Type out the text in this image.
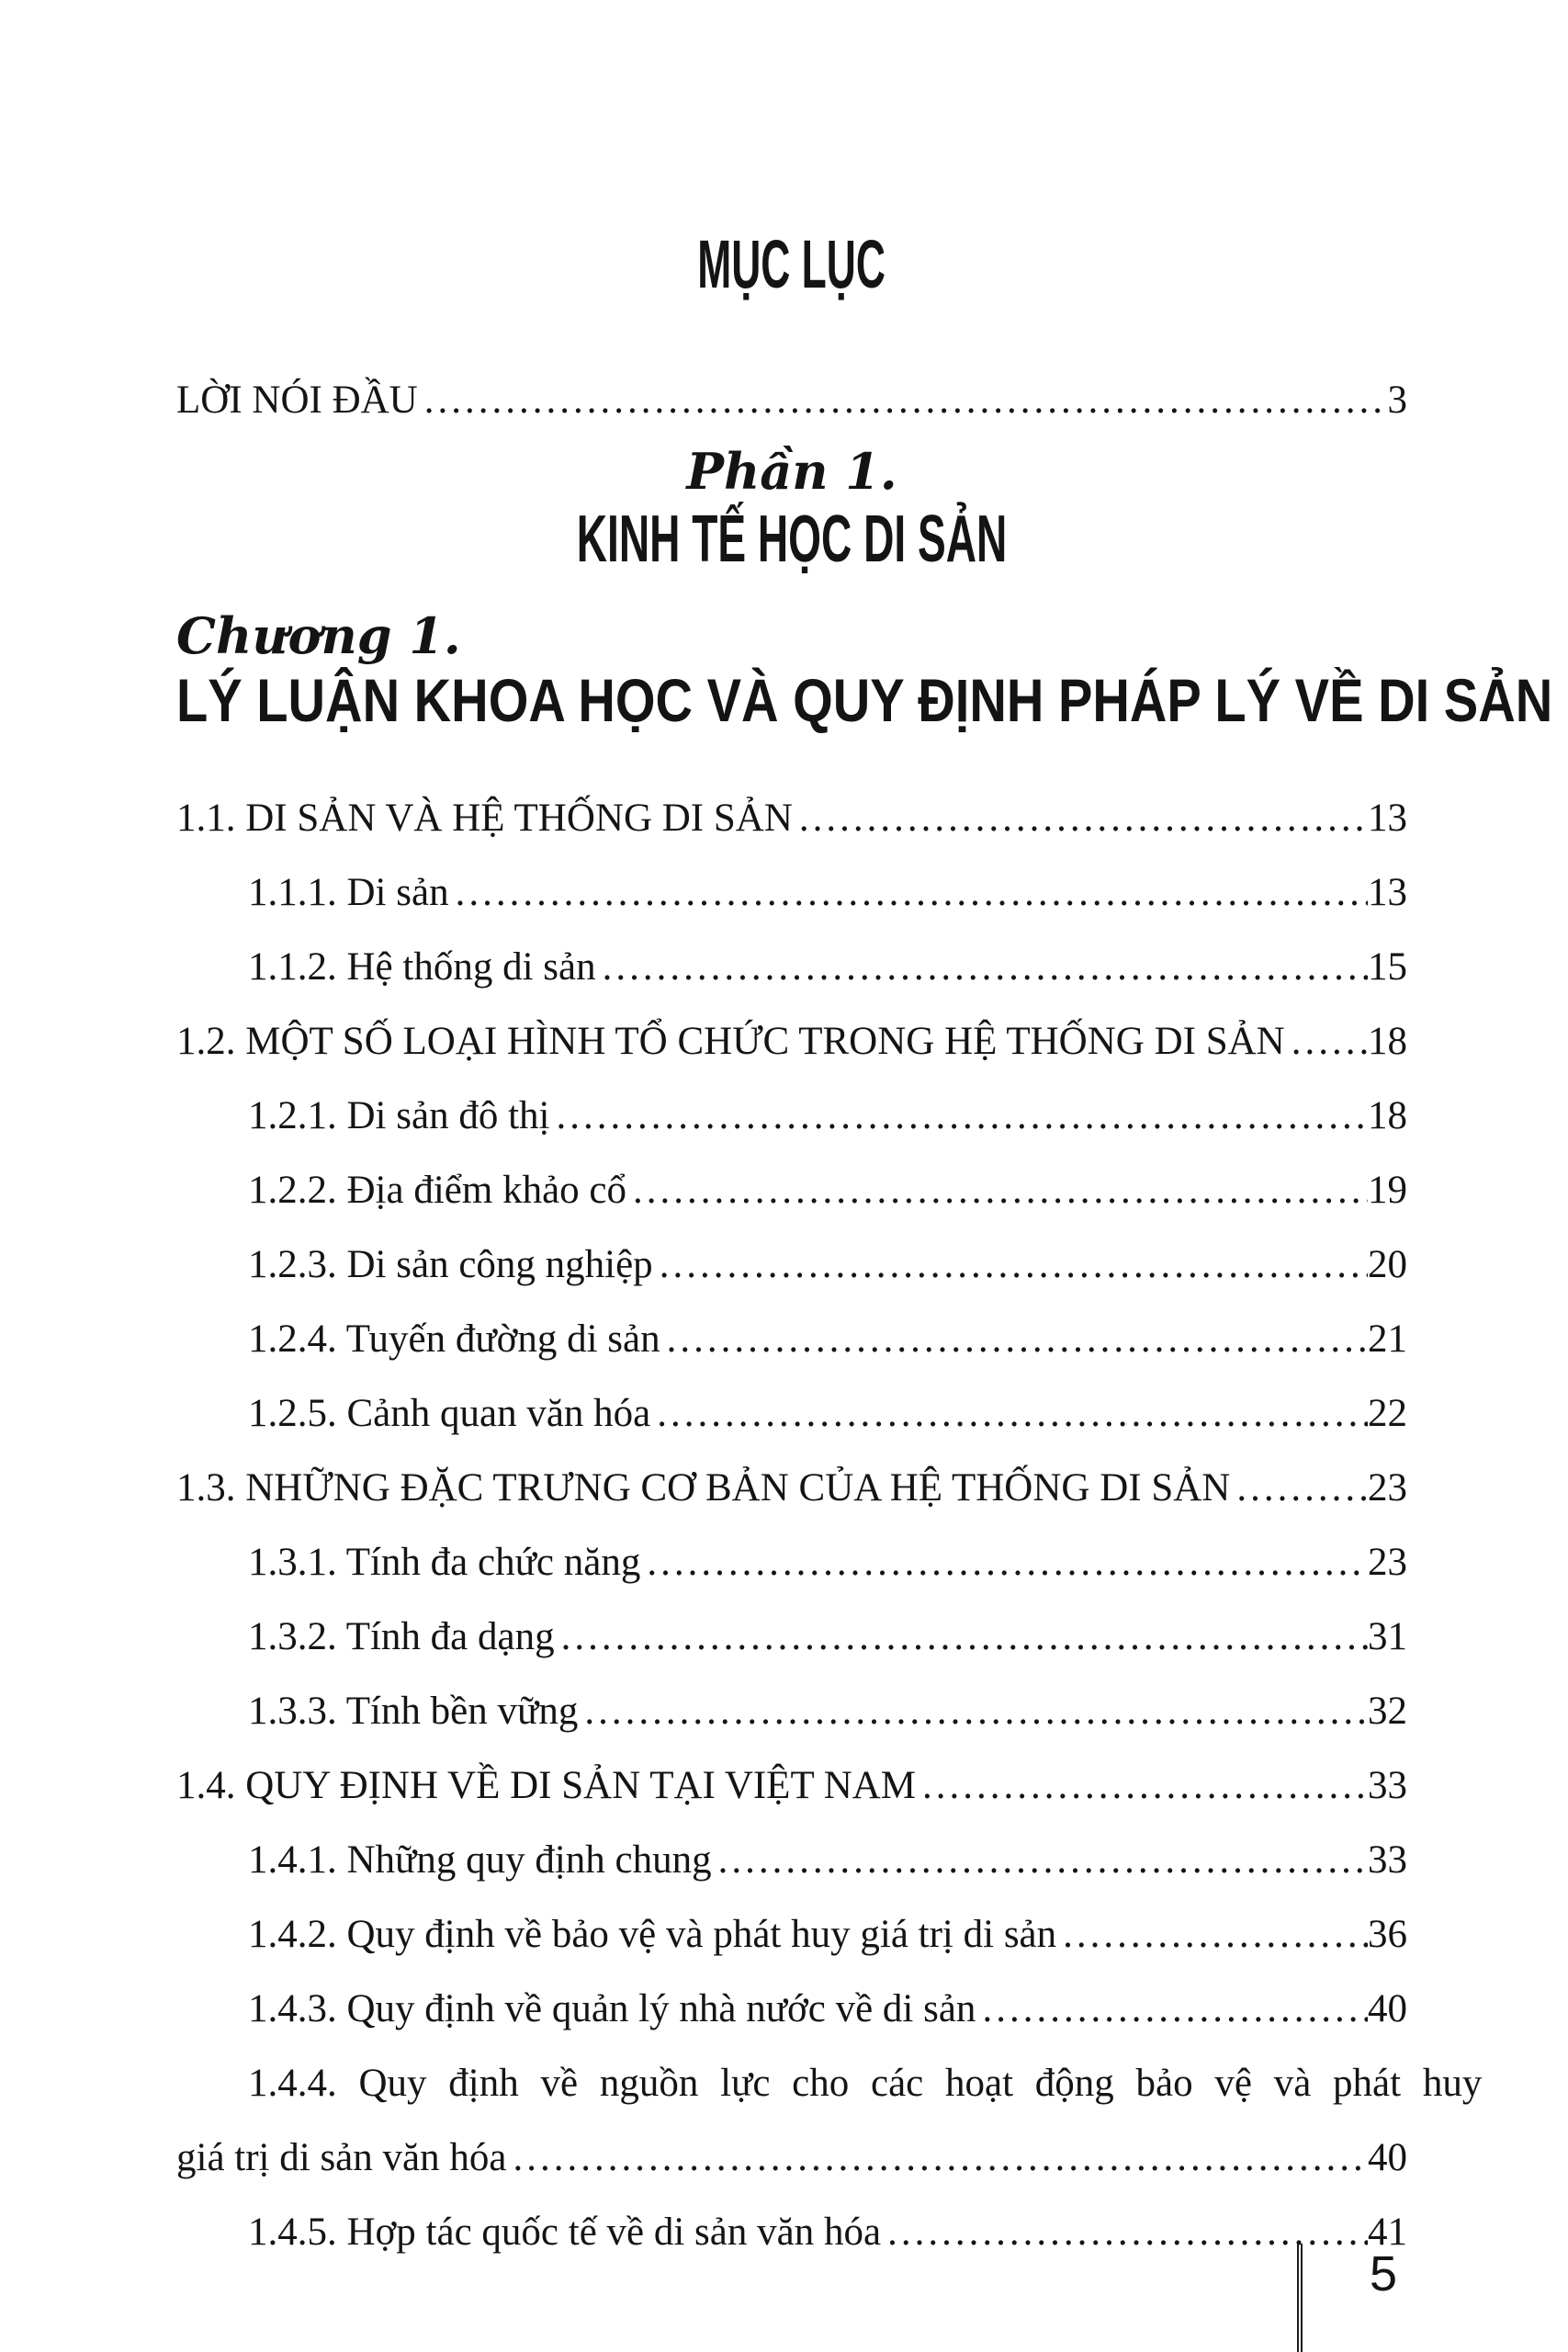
MỤC LỤC
LỜI NÓI ĐẦU .....	3
Phần 1.
KINH TẾ HỌC DI SẢN
Chương 1.
LÝ LUẬN KHOA HỌC VÀ QUY ĐỊNH PHÁP LÝ VỀ DI SẢN
1.1. DI SẢN VÀ HỆ THỐNG DI SẢN .....	13
1.1.1. Di sản .....	13
1.1.2. Hệ thống di sản .....	15
1.2. MỘT SỐ LOẠI HÌNH TỔ CHỨC TRONG HỆ THỐNG DI SẢN ..... 18
1.2.1. Di sản đô thị .....	18
1.2.2. Địa điểm khảo cổ .....	19
1.2.3. Di sản công nghiệp .....	20
1.2.4. Tuyến đường di sản .....	21
1.2.5. Cảnh quan văn hóa .....	22
1.3. NHỮNG ĐẶC TRƯNG CƠ BẢN CỦA HỆ THỐNG DI SẢN .....	23
1.3.1. Tính đa chức năng .....	23
1.3.2. Tính đa dạng .....	31
1.3.3. Tính bền vững .....	32
1.4. QUY ĐỊNH VỀ DI SẢN TẠI VIỆT NAM .....	33
1.4.1. Những quy định chung .....	33
1.4.2. Quy định về bảo vệ và phát huy giá trị di sản .....	36
1.4.3. Quy định về quản lý nhà nước về di sản .....	40
1.4.4. Quy định về nguồn lực cho các hoạt động bảo vệ và phát huy
giá trị di sản văn hóa .....	40
1.4.5. Hợp tác quốc tế về di sản văn hóa .....	41
5
